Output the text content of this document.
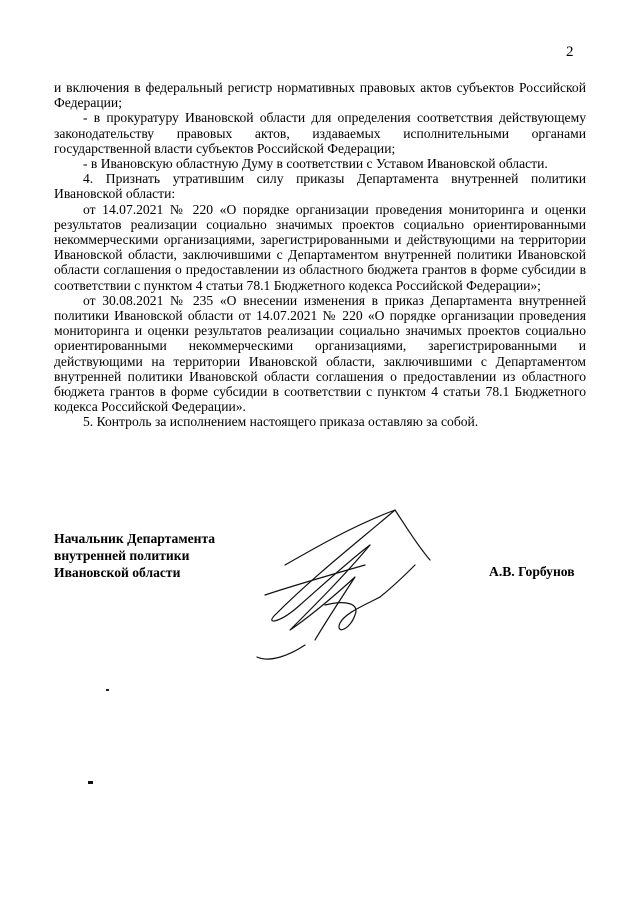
2

и включения в федеральный регистр нормативных правовых актов субъектов Российской Федерации;

- в прокуратуру Ивановской области для определения соответствия действующему законодательству правовых актов, издаваемых исполнительными органами государственной власти субъектов Российской Федерации;

- в Ивановскую областную Думу в соответствии с Уставом Ивановской области.

4. Признать утратившим силу приказы Департамента внутренней политики Ивановской области:

от 14.07.2021 № 220 «О порядке организации проведения мониторинга и оценки результатов реализации социально значимых проектов социально ориентированными некоммерческими организациями, зарегистрированными и действующими на территории Ивановской области, заключившими с Департаментом внутренней политики Ивановской области соглашения о предоставлении из областного бюджета грантов в форме субсидии в соответствии с пунктом 4 статьи 78.1 Бюджетного кодекса Российской Федерации»;

от 30.08.2021 № 235 «О внесении изменения в приказ Департамента внутренней политики Ивановской области от 14.07.2021 № 220 «О порядке организации проведения мониторинга и оценки результатов реализации социально значимых проектов социально ориентированными некоммерческими организациями, зарегистрированными и действующими на территории Ивановской области, заключившими с Департаментом внутренней политики Ивановской области соглашения о предоставлении из областного бюджета грантов в форме субсидии в соответствии с пунктом 4 статьи 78.1 Бюджетного кодекса Российской Федерации».

5. Контроль за исполнением настоящего приказа оставляю за собой.

Начальник Департамента
внутренней политики
Ивановской области	А.В. Горбунов
